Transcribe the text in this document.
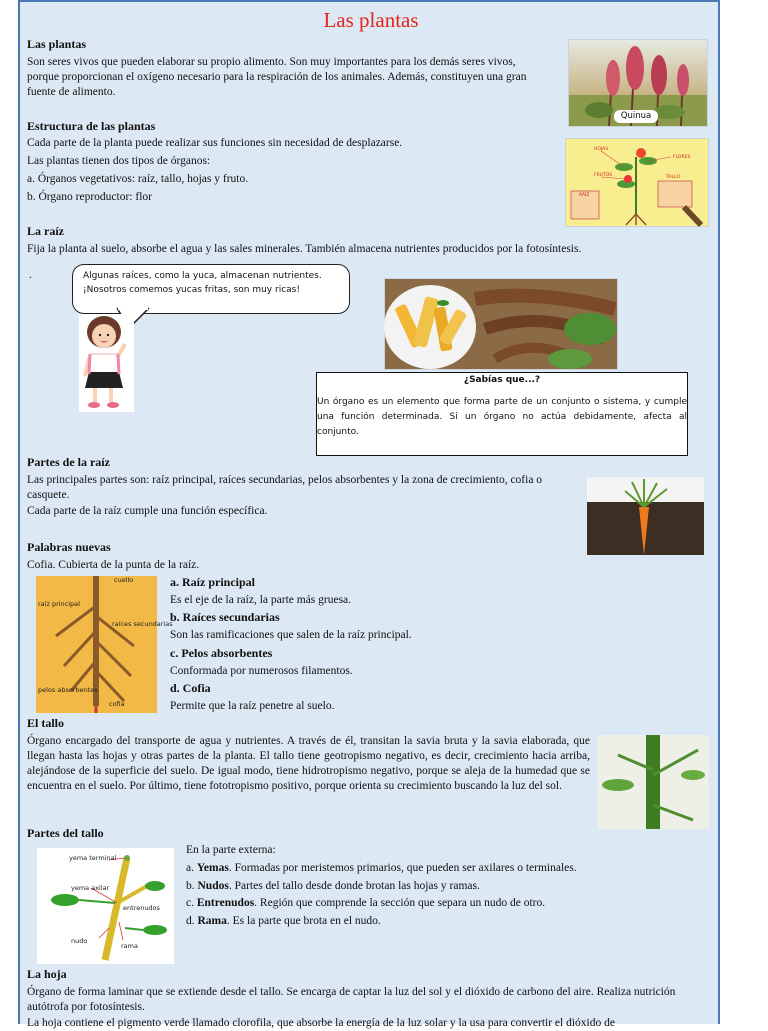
Las plantas
Las plantas
Son seres vivos que pueden elaborar su propio alimento. Son muy importantes para los demás seres vivos, porque proporcionan el oxígeno necesario para la respiración de los animales. Además, constituyen una gran fuente de alimento.
Quinua
Estructura de las plantas
Cada parte de la planta puede realizar sus funciones sin necesidad de desplazarse.
Las plantas tienen dos tipos de órganos:
a. Órganos vegetativos: raíz, tallo, hojas y fruto.
b. Órgano reproductor: flor
HOJAS
FLORES
FRUTOS	TALLO
RAÍZ
La raíz
Fija la planta al suelo, absorbe el agua y las sales minerales. También almacena nutrientes producidos por la fotosíntesis.
.	Algunas raíces, como la yuca, almacenan nutrientes. ¡Nosotros comemos yucas fritas, son muy ricas!
¿Sabías que...?
Un órgano es un elemento que forma parte de un conjunto o sistema, y cumple una función determinada. Si un órgano no actúa debidamente, afecta al conjunto.
Partes de la raíz
Las principales partes son: raíz principal, raíces secundarias, pelos absorbentes y la zona de crecimiento, cofia o casquete.
Cada parte de la raíz cumple una función específica.
Palabras nuevas
Cofia. Cubierta de la punta de la raíz.
cuello
raíz principal
raíces secundarias
pelos absorbentes
cofia
a. Raíz principal
Es el eje de la raíz, la parte más gruesa.
b. Raíces secundarias
Son las ramificaciones que salen de la raíz principal.
c. Pelos absorbentes
Conformada por numerosos filamentos.
d. Cofia
Permite que la raíz penetre al suelo.
El tallo
Órgano encargado del transporte de agua y nutrientes. A través de él, transitan la savia bruta y la savia elaborada, que llegan hasta las hojas y otras partes de la planta. El tallo tiene geotropismo negativo, es decir, crecimiento hacia arriba, alejándose de la superficie del suelo. De igual modo, tiene hidrotropismo negativo, porque se aleja de la humedad que se encuentra en el suelo. Por último, tiene fototropismo positivo, porque orienta su crecimiento buscando la luz del sol.
Partes del tallo
yema terminal
yema axilar
entrenudos
nudo
rama
En la parte externa:
a. Yemas. Formadas por meristemos primarios, que pueden ser axilares o terminales.
b. Nudos. Partes del tallo desde donde brotan las hojas y ramas.
c. Entrenudos. Región que comprende la sección que separa un nudo de otro.
d. Rama. Es la parte que brota en el nudo.
La hoja
Órgano de forma laminar que se extiende desde el tallo. Se encarga de captar la luz del sol y el dióxido de carbono del aire. Realiza nutrición autótrofa por fotosíntesis.
La hoja contiene el pigmento verde llamado clorofila, que absorbe la energía de la luz solar y la usa para convertir el dióxido de
